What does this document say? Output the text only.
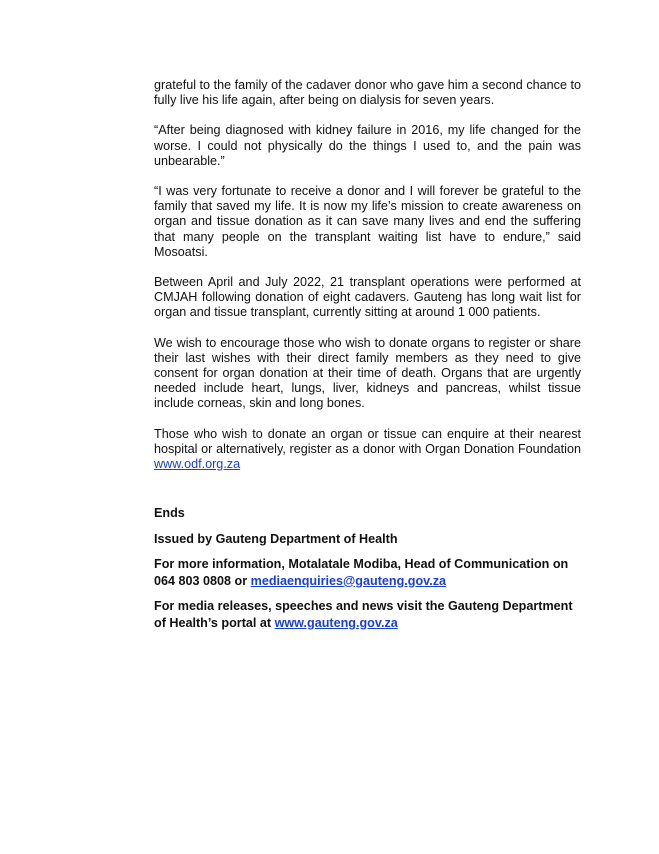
grateful to the family of the cadaver donor who gave him a second chance to fully live his life again, after being on dialysis for seven years.

“After being diagnosed with kidney failure in 2016, my life changed for the worse. I could not physically do the things I used to, and the pain was unbearable.”

“I was very fortunate to receive a donor and I will forever be grateful to the family that saved my life. It is now my life’s mission to create awareness on organ and tissue donation as it can save many lives and end the suffering that many people on the transplant waiting list have to endure,” said Mosoatsi.

Between April and July 2022, 21 transplant operations were performed at CMJAH following donation of eight cadavers. Gauteng has long wait list for organ and tissue transplant, currently sitting at around 1 000 patients.

We wish to encourage those who wish to donate organs to register or share their last wishes with their direct family members as they need to give consent for organ donation at their time of death. Organs that are urgently needed include heart, lungs, liver, kidneys and pancreas, whilst tissue include corneas, skin and long bones.

Those who wish to donate an organ or tissue can enquire at their nearest hospital or alternatively, register as a donor with Organ Donation Foundation www.odf.org.za

Ends

Issued by Gauteng Department of Health

For more information, Motalatale Modiba, Head of Communication on 064 803 0808 or mediaenquiries@gauteng.gov.za

For media releases, speeches and news visit the Gauteng Department of Health’s portal at www.gauteng.gov.za
